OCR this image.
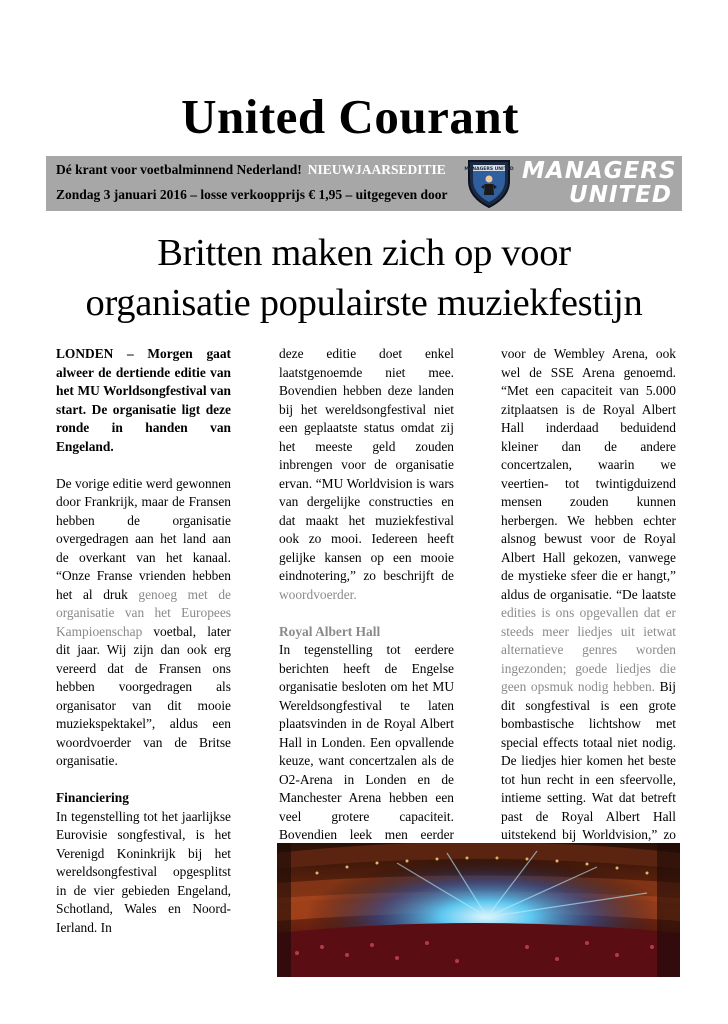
United Courant
Dé krant voor voetbalminnend Nederland! NIEUWJAARSEDITIE
Zondag 3 januari 2016 – losse verkoopprijs € 1,95 – uitgegeven door
MANAGERS UNITED MANAGERS
UNITED
Britten maken zich op voor
organisatie populairste muziekfestijn

LONDEN – Morgen gaat alweer de dertiende editie van het MU Worldsongfestival van start. De organisatie ligt deze ronde in handen van Engeland.

De vorige editie werd gewonnen door Frankrijk, maar de Fransen hebben de organisatie overgedragen aan het land aan de overkant van het kanaal. “Onze Franse vrienden hebben het al druk genoeg met de organisatie van het Europees Kampioenschap voetbal, later dit jaar. Wij zijn dan ook erg vereerd dat de Fransen ons hebben voorgedragen als organisator van dit mooie muziekspektakel”, aldus een woordvoerder van de Britse organisatie.

Financiering

In tegenstelling tot het jaarlijkse Eurovisie songfestival, is het Verenigd Koninkrijk bij het wereldsongfestival opgesplitst in de vier gebieden Engeland, Schotland, Wales en Noord-Ierland. In

deze editie doet enkel laatstgenoemde niet mee. Bovendien hebben deze landen bij het wereldsongfestival niet een geplaatste status omdat zij het meeste geld zouden inbrengen voor de organisatie ervan. “MU Worldvision is wars van dergelijke constructies en dat maakt het muziekfestival ook zo mooi. Iedereen heeft gelijke kansen op een mooie eindnotering,” zo beschrijft de woordvoerder.

Royal Albert Hall

In tegenstelling tot eerdere berichten heeft de Engelse organisatie besloten om het MU Wereldsongfestival te laten plaatsvinden in de Royal Albert Hall in Londen. Een opvallende keuze, want concertzalen als de O2-Arena in Londen en de Manchester Arena hebben een veel grotere capaciteit. Bovendien leek men eerder

voor de Wembley Arena, ook wel de SSE Arena genoemd. “Met een capaciteit van 5.000 zitplaatsen is de Royal Albert Hall inderdaad beduidend kleiner dan de andere concertzalen, waarin we veertien- tot twintigduizend mensen zouden kunnen herbergen. We hebben echter alsnog bewust voor de Royal Albert Hall gekozen, vanwege de mystieke sfeer die er hangt,” aldus de organisatie. “De laatste edities is ons opgevallen dat er steeds meer liedjes uit ietwat alternatieve genres worden ingezonden; goede liedjes die geen opsmuk nodig hebben. Bij dit songfestival is een grote bombastische lichtshow met special effects totaal niet nodig. De liedjes hier komen het beste tot hun recht in een sfeervolle, intieme setting. Wat dat betreft past de Royal Albert Hall uitstekend bij Worldvision,” zo
